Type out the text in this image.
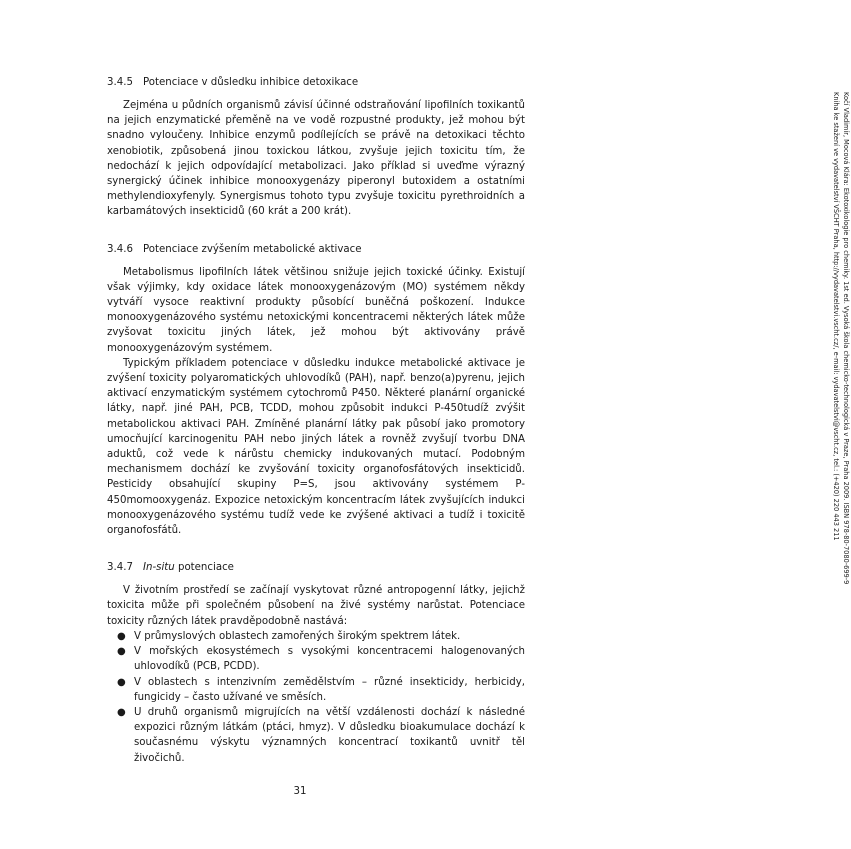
3.4.5 Potenciace v důsledku inhibice detoxikace

Zejména u půdních organismů závisí účinné odstraňování lipofilních toxikantů na jejich enzymatické přeměně na ve vodě rozpustné produkty, jež mohou být snadno vyloučeny. Inhibice enzymů podílejících se právě na detoxikaci těchto xenobiotik, způsobená jinou toxickou látkou, zvyšuje jejich toxicitu tím, že nedochází k jejich odpovídající metabolizaci. Jako příklad si uveďme výrazný synergický účinek inhibice monooxygenázy piperonyl butoxidem a ostatními methylendioxyfenyly. Synergismus tohoto typu zvyšuje toxicitu pyrethroidních a karbamátových insekticidů (60 krát a 200 krát).

3.4.6 Potenciace zvýšením metabolické aktivace

Metabolismus lipofilních látek většinou snižuje jejich toxické účinky. Existují však výjimky, kdy oxidace látek monooxygenázovým (MO) systémem někdy vytváří vysoce reaktivní produkty působící buněčná poškození. Indukce monooxygenázového systému netoxickými koncentracemi některých látek může zvyšovat toxicitu jiných látek, jež mohou být aktivovány právě monooxygenázovým systémem.

Typickým příkladem potenciace v důsledku indukce metabolické aktivace je zvýšení toxicity polyaromatických uhlovodíků (PAH), např. benzo(a)pyrenu, jejich aktivací enzymatickým systémem cytochromů P450. Některé planární organické látky, např. jiné PAH, PCB, TCDD, mohou způsobit indukci P-450tudíž zvýšit metabolickou aktivaci PAH. Zmíněné planární látky pak působí jako promotory umocňující karcinogenitu PAH nebo jiných látek a rovněž zvyšují tvorbu DNA aduktů, což vede k nárůstu chemicky indukovaných mutací. Podobným mechanismem dochází ke zvyšování toxicity organofosfátových insekticidů. Pesticidy obsahující skupiny P=S, jsou aktivovány systémem P-450momooxygenáz. Expozice netoxickým koncentracím látek zvyšujících indukci monooxygenázového systému tudíž vede ke zvýšené aktivaci a tudíž i toxicitě organofosfátů.

3.4.7 In-situ potenciace

V životním prostředí se začínají vyskytovat různé antropogenní látky, jejichž toxicita může při společném působení na živé systémy narůstat. Potenciace toxicity různých látek pravděpodobně nastává:

● V průmyslových oblastech zamořených širokým spektrem látek.
● V mořských ekosystémech s vysokými koncentracemi halogenovaných uhlovodíků (PCB, PCDD).
● V oblastech s intenzivním zemědělstvím – různé insekticidy, herbicidy, fungicidy – často užívané ve směsích.
● U druhů organismů migrujících na větší vzdálenosti dochází k následné expozici různým látkám (ptáci, hmyz). V důsledku bioakumulace dochází k současnému výskytu významných koncentrací toxikantů uvnitř těl živočichů.
31
Kočí Vladimír, Mocová Klára: Ekotoxikologie pro chemiky. 1st ed. Vysoká škola chemicko-technologická v Praze, Praha 2009. ISBN 978-80-7080-699-9
Kniha ke stažení ve vydavatelství VŠCHT Praha, http://vydavatelstvi.vscht.cz/, e-mail: vydavatelstvi@vscht.cz, tel.: (+420) 220 443 211
